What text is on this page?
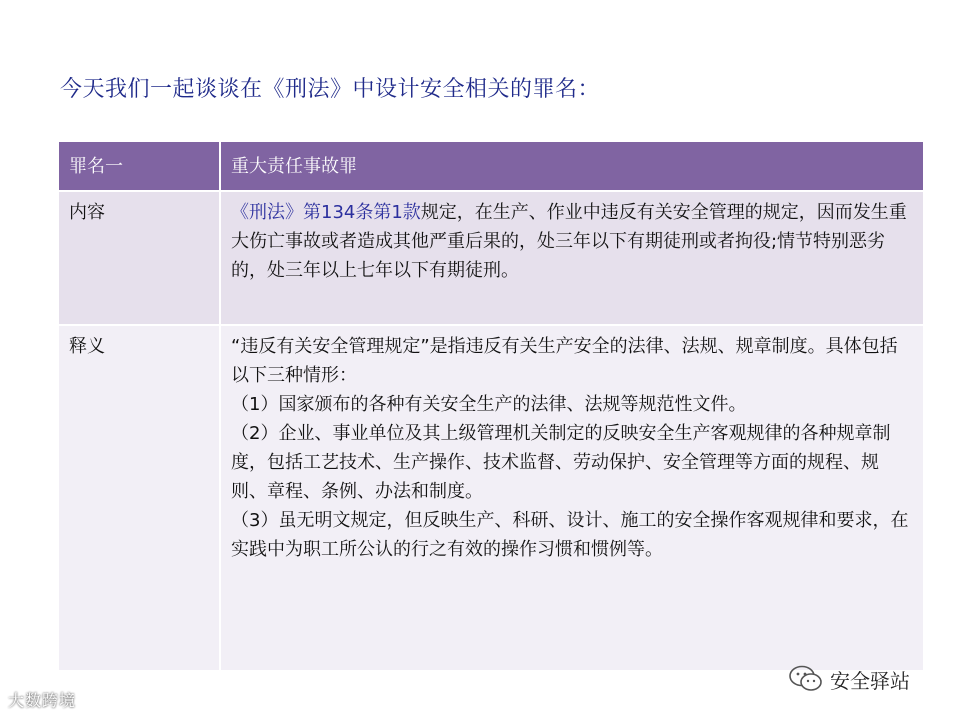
今天我们一起谈谈在《刑法》中设计安全相关的罪名：
罪名一	重大责任事故罪
内容	《刑法》第134条第1款规定，在生产、作业中违反有关安全管理的规定，因而发生重大伤亡事故或者造成其他严重后果的，处三年以下有期徒刑或者拘役;情节特别恶劣的，处三年以上七年以下有期徒刑。
释义	“违反有关安全管理规定”是指违反有关生产安全的法律、法规、规章制度。具体包括以下三种情形：
（1）国家颁布的各种有关安全生产的法律、法规等规范性文件。
（2）企业、事业单位及其上级管理机关制定的反映安全生产客观规律的各种规章制度，包括工艺技术、生产操作、技术监督、劳动保护、安全管理等方面的规程、规则、章程、条例、办法和制度。
（3）虽无明文规定，但反映生产、科研、设计、施工的安全操作客观规律和要求，在实践中为职工所公认的行之有效的操作习惯和惯例等。
大数跨境
安全驿站
